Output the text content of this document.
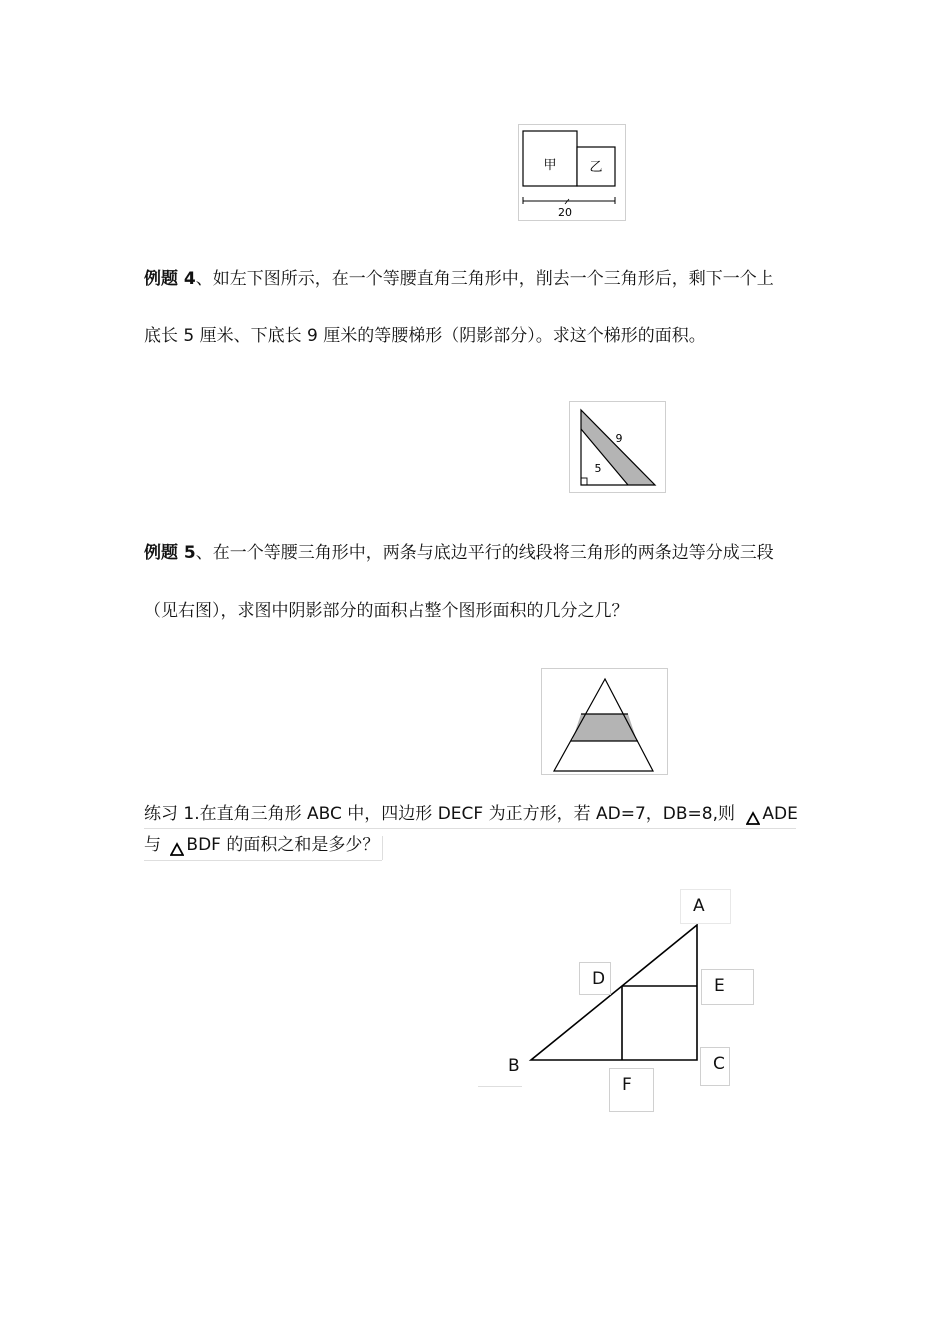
甲	乙
20
例题 4、如左下图所示，在一个等腰直角三角形中，削去一个三角形后，剩下一个上
底长 5 厘米、下底长 9 厘米的等腰梯形（阴影部分）。求这个梯形的面积。
9
5
例题 5、在一个等腰三角形中，两条与底边平行的线段将三角形的两条边等分成三段
（见右图），求图中阴影部分的面积占整个图形面积的几分之几？
练习 1.在直角三角形 ABC 中，四边形 DECF 为正方形，若 AD=7，DB=8,则 ADE
与 BDF 的面积之和是多少？
A
D	E
B	C
F
